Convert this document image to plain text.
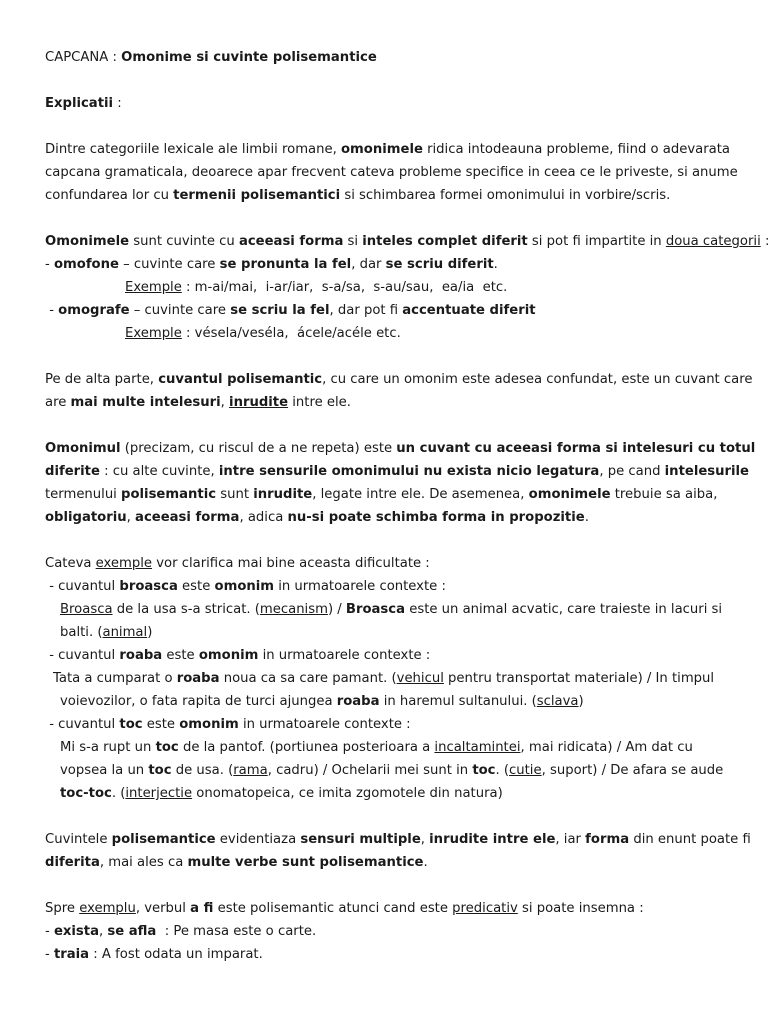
CAPCANA : Omonime si cuvinte polisemantice
Explicatii :
Dintre categoriile lexicale ale limbii romane, omonimele ridica intodeauna probleme, fiind o adevarata
capcana gramaticala, deoarece apar frecvent cateva probleme specifice in ceea ce le priveste, si anume
confundarea lor cu termenii polisemantici si schimbarea formei omonimului in vorbire/scris.
Omonimele sunt cuvinte cu aceeasi forma si inteles complet diferit si pot fi impartite in doua categorii :
- omofone – cuvinte care se pronunta la fel, dar se scriu diferit.
Exemple : m-ai/mai,  i-ar/iar,  s-a/sa,  s-au/sau,  ea/ia  etc.
- omografe – cuvinte care se scriu la fel, dar pot fi accentuate diferit
Exemple : vésela/veséla,  ácele/acéle etc.
Pe de alta parte, cuvantul polisemantic, cu care un omonim este adesea confundat, este un cuvant care
are mai multe intelesuri, inrudite intre ele.
Omonimul (precizam, cu riscul de a ne repeta) este un cuvant cu aceeasi forma si intelesuri cu totul
diferite : cu alte cuvinte, intre sensurile omonimului nu exista nicio legatura, pe cand intelesurile
termenului polisemantic sunt inrudite, legate intre ele. De asemenea, omonimele trebuie sa aiba,
obligatoriu, aceeasi forma, adica nu-si poate schimba forma in propozitie.
Cateva exemple vor clarifica mai bine aceasta dificultate :
- cuvantul broasca este omonim in urmatoarele contexte :
Broasca de la usa s-a stricat. (mecanism) / Broasca este un animal acvatic, care traieste in lacuri si
balti. (animal)
- cuvantul roaba este omonim in urmatoarele contexte :
Tata a cumparat o roaba noua ca sa care pamant. (vehicul pentru transportat materiale) / In timpul
voievozilor, o fata rapita de turci ajungea roaba in haremul sultanului. (sclava)
- cuvantul toc este omonim in urmatoarele contexte :
Mi s-a rupt un toc de la pantof. (portiunea posterioara a incaltamintei, mai ridicata) / Am dat cu
vopsea la un toc de usa. (rama, cadru) / Ochelarii mei sunt in toc. (cutie, suport) / De afara se aude
toc-toc. (interjectie onomatopeica, ce imita zgomotele din natura)
Cuvintele polisemantice evidentiaza sensuri multiple, inrudite intre ele, iar forma din enunt poate fi
diferita, mai ales ca multe verbe sunt polisemantice.
Spre exemplu, verbul a fi este polisemantic atunci cand este predicativ si poate insemna :
- exista, se afla  : Pe masa este o carte.
- traia : A fost odata un imparat.
